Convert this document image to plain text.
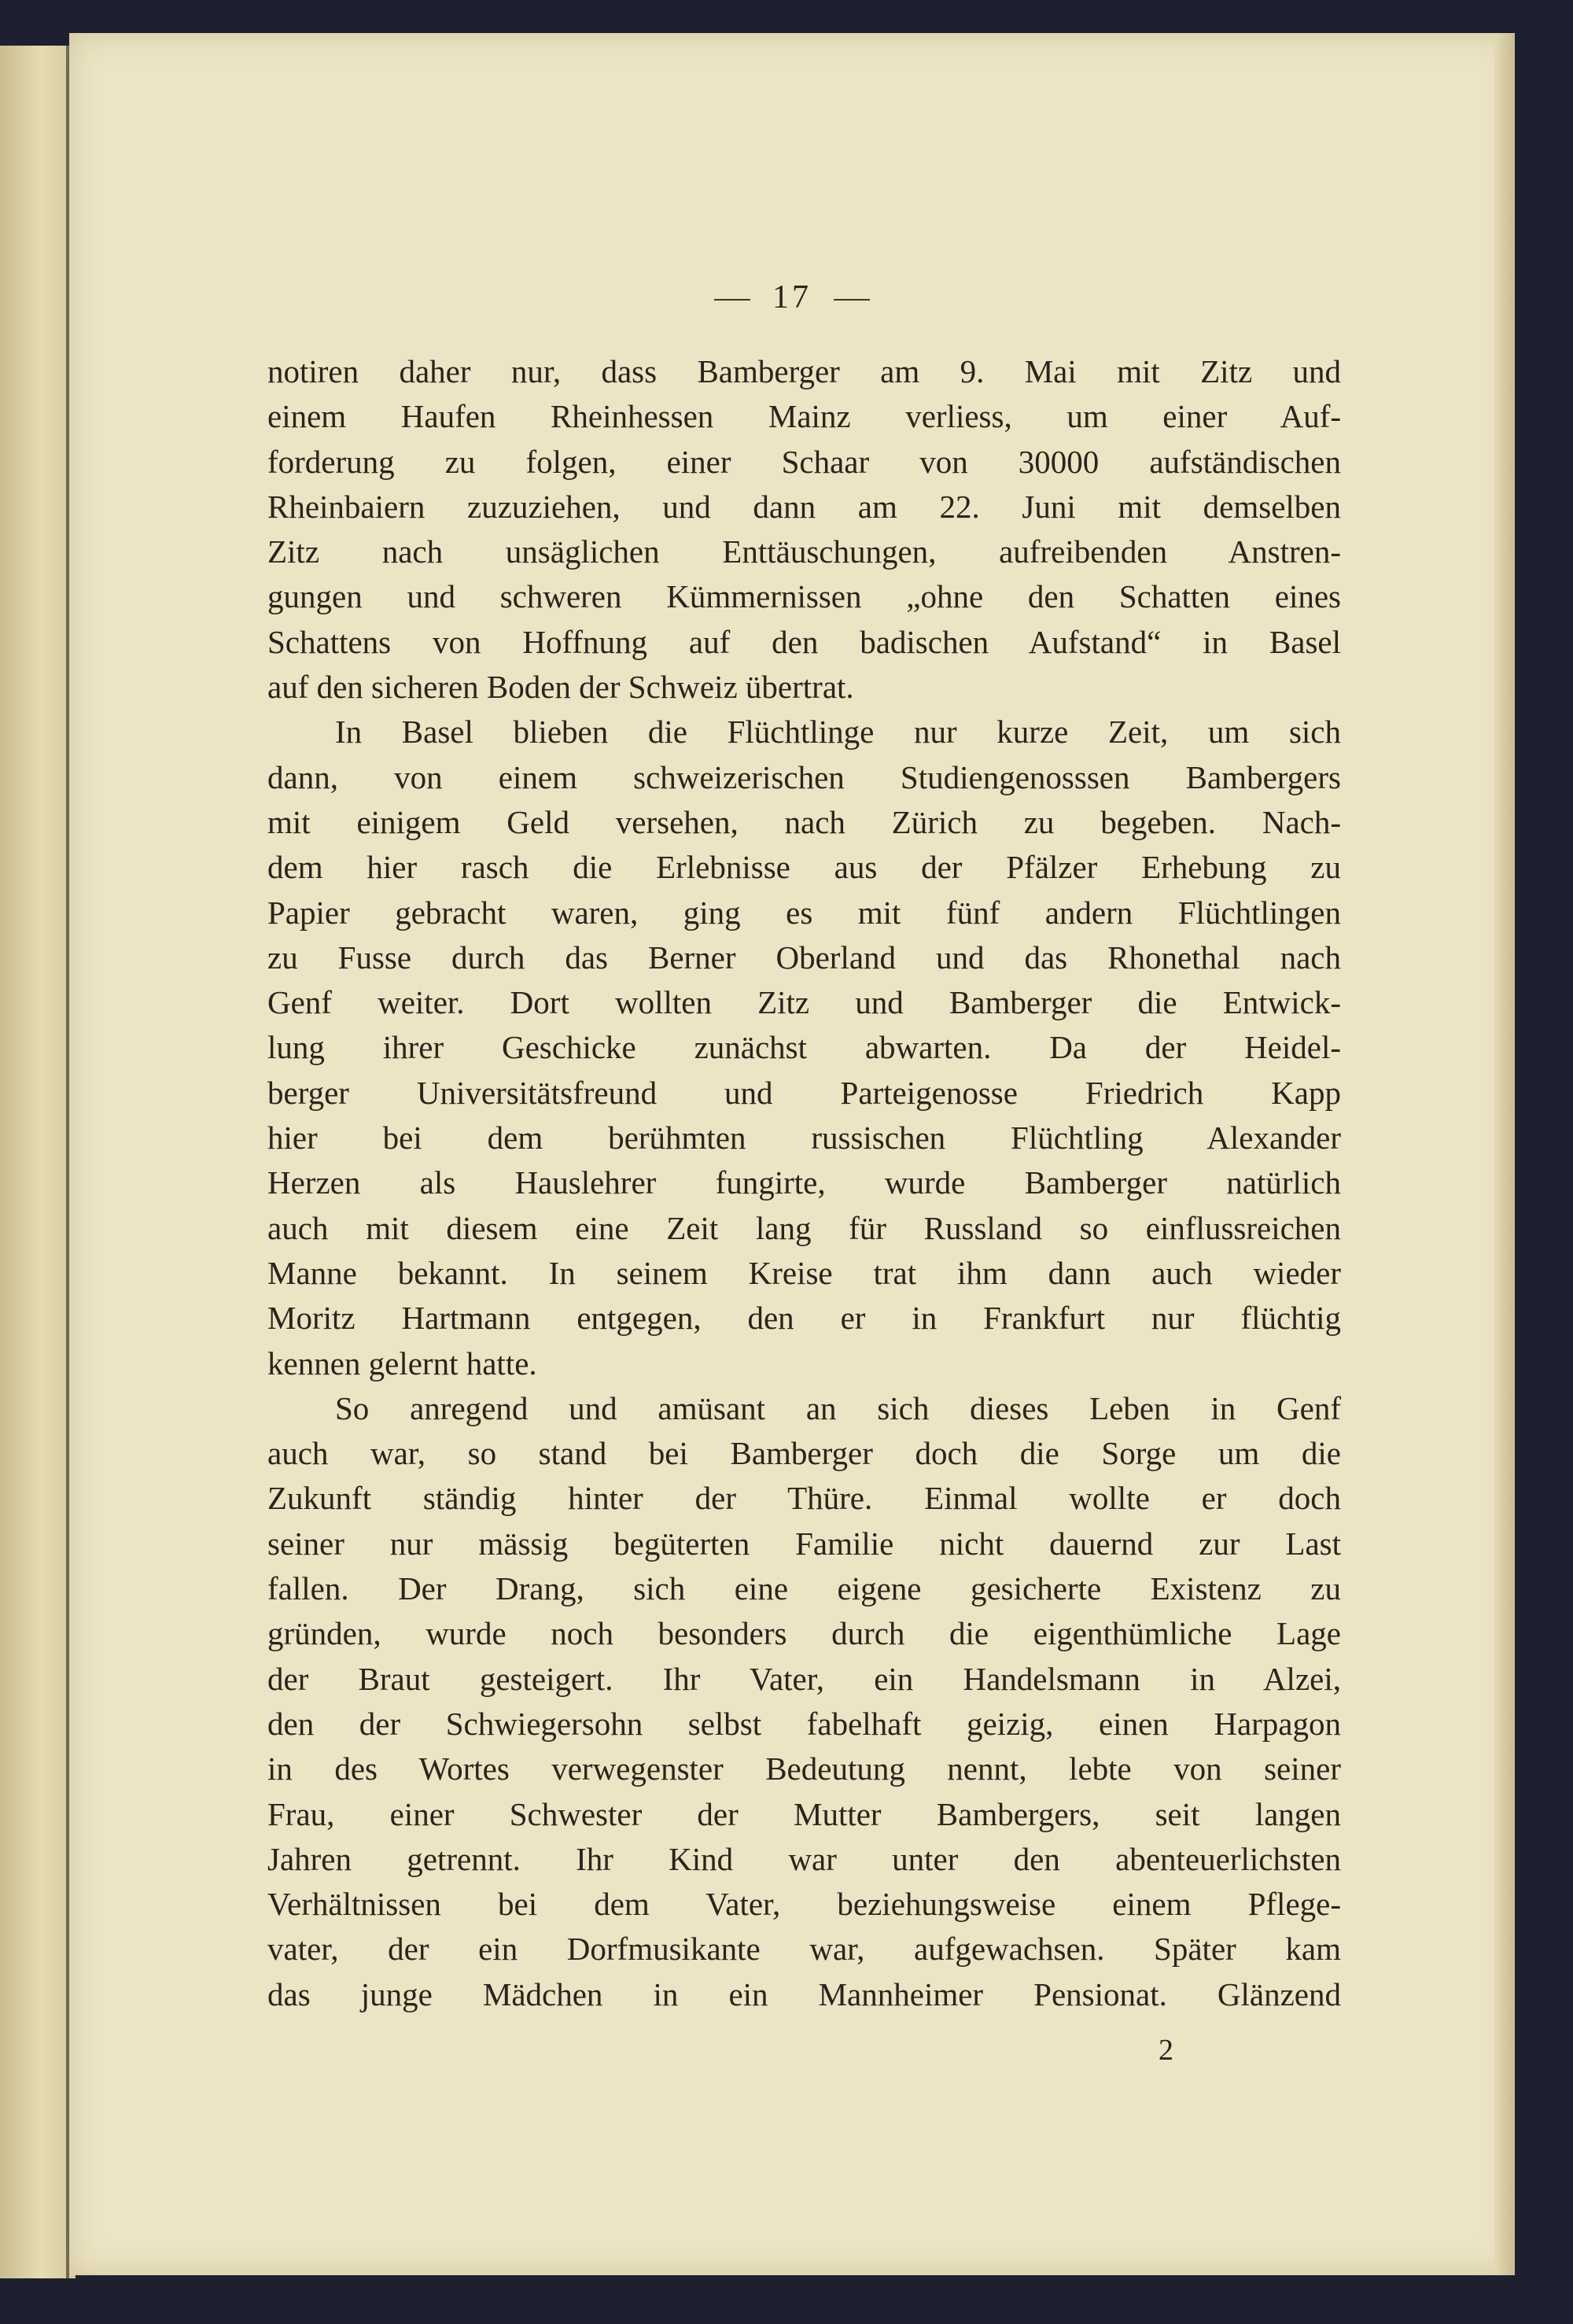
17
notiren daher nur, dass Bamberger am 9. Mai mit Zitz und
einem Haufen Rheinhessen Mainz verliess, um einer Auf-
forderung zu folgen, einer Schaar von 30000 aufständischen
Rheinbaiern zuzuziehen, und dann am 22. Juni mit demselben
Zitz nach unsäglichen Enttäuschungen, aufreibenden Anstren-
gungen und schweren Kümmernissen „ohne den Schatten eines
Schattens von Hoffnung auf den badischen Aufstand“ in Basel
auf den sicheren Boden der Schweiz übertrat.
In Basel blieben die Flüchtlinge nur kurze Zeit, um sich
dann, von einem schweizerischen Studiengenosssen Bambergers
mit einigem Geld versehen, nach Zürich zu begeben. Nach-
dem hier rasch die Erlebnisse aus der Pfälzer Erhebung zu
Papier gebracht waren, ging es mit fünf andern Flüchtlingen
zu Fusse durch das Berner Oberland und das Rhonethal nach
Genf weiter. Dort wollten Zitz und Bamberger die Entwick-
lung ihrer Geschicke zunächst abwarten. Da der Heidel-
berger Universitätsfreund und Parteigenosse Friedrich Kapp
hier bei dem berühmten russischen Flüchtling Alexander
Herzen als Hauslehrer fungirte, wurde Bamberger natürlich
auch mit diesem eine Zeit lang für Russland so einflussreichen
Manne bekannt. In seinem Kreise trat ihm dann auch wieder
Moritz Hartmann entgegen, den er in Frankfurt nur flüchtig
kennen gelernt hatte.
So anregend und amüsant an sich dieses Leben in Genf
auch war, so stand bei Bamberger doch die Sorge um die
Zukunft ständig hinter der Thüre. Einmal wollte er doch
seiner nur mässig begüterten Familie nicht dauernd zur Last
fallen. Der Drang, sich eine eigene gesicherte Existenz zu
gründen, wurde noch besonders durch die eigenthümliche Lage
der Braut gesteigert. Ihr Vater, ein Handelsmann in Alzei,
den der Schwiegersohn selbst fabelhaft geizig, einen Harpagon
in des Wortes verwegenster Bedeutung nennt, lebte von seiner
Frau, einer Schwester der Mutter Bambergers, seit langen
Jahren getrennt. Ihr Kind war unter den abenteuerlichsten
Verhältnissen bei dem Vater, beziehungsweise einem Pflege-
vater, der ein Dorfmusikante war, aufgewachsen. Später kam
das junge Mädchen in ein Mannheimer Pensionat. Glänzend
2
